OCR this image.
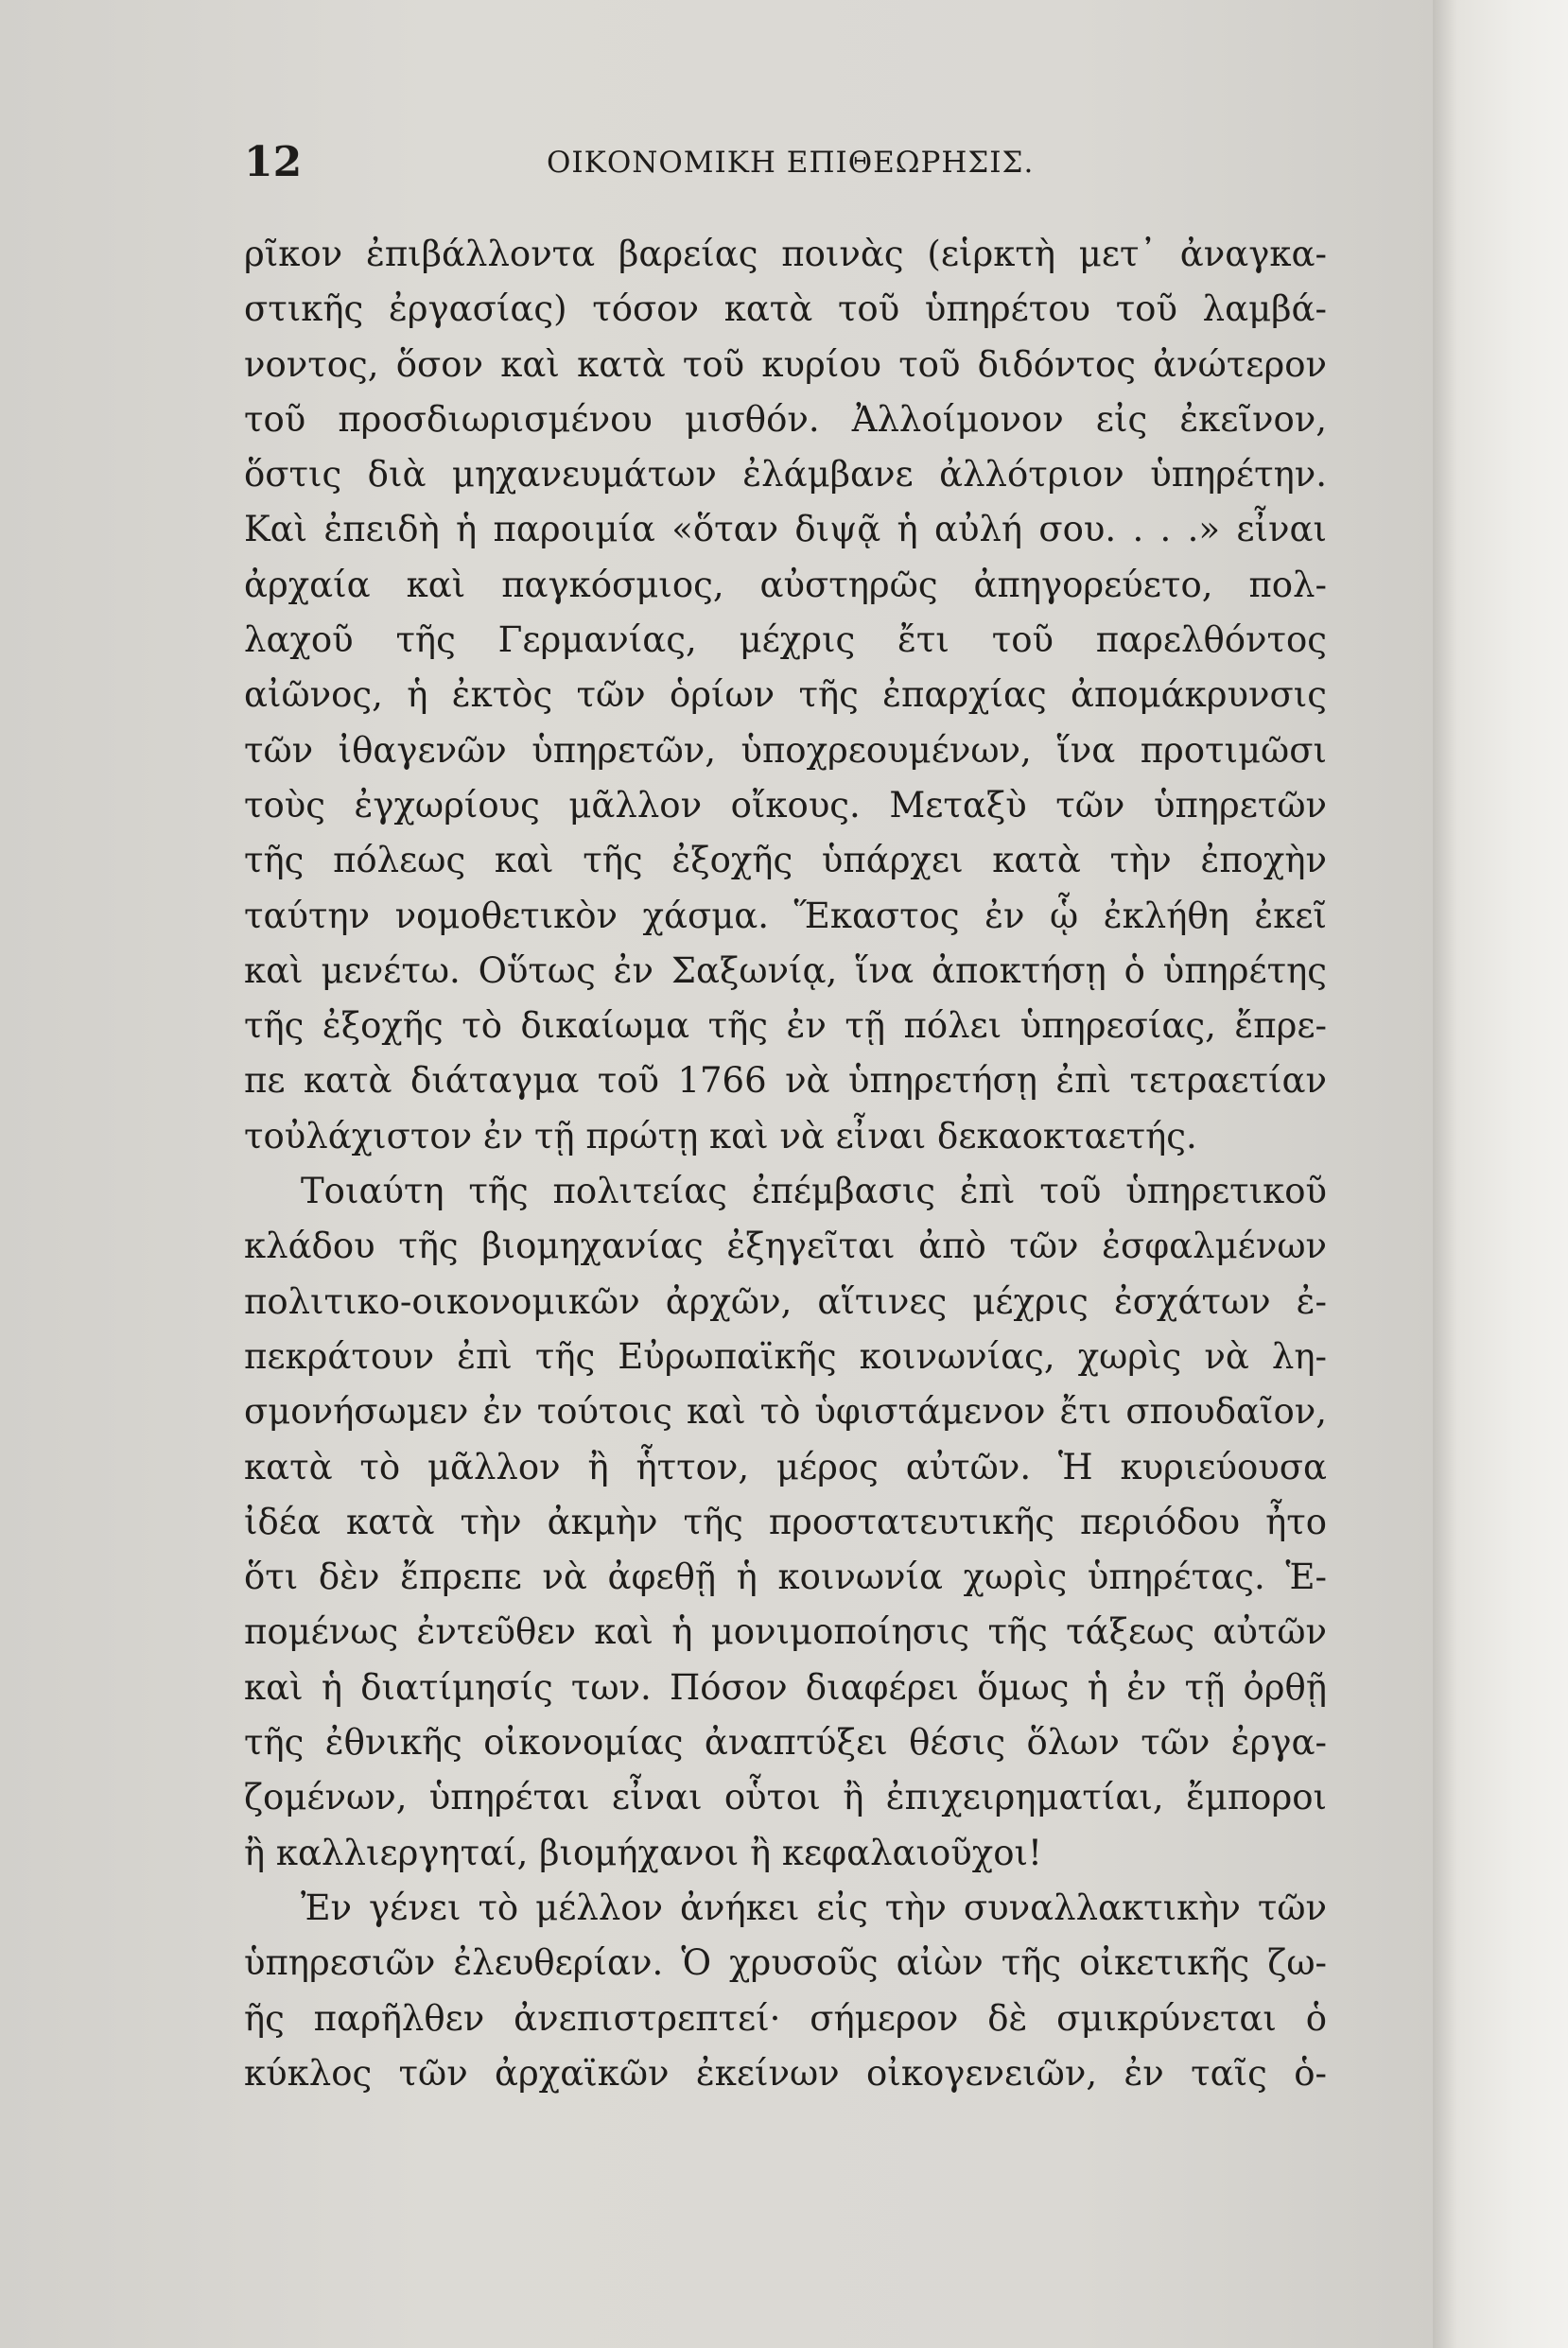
12	ΟΙΚΟΝΟΜΙΚΗ ΕΠΙΘΕΩΡΗΣΙΣ.
ρῖκον ἐπιβάλλοντα βαρείας ποινὰς (εἱρκτὴ μετ᾽ ἀναγκα-
στικῆς ἐργασίας) τόσον κατὰ τοῦ ὑπηρέτου τοῦ λαμβά-
νοντος, ὅσον καὶ κατὰ τοῦ κυρίου τοῦ διδόντος ἀνώτερον
τοῦ προσδιωρισμένου μισθόν. Ἀλλοίμονον εἰς ἐκεῖνον,
ὅστις διὰ μηχανευμάτων ἐλάμβανε ἀλλότριον ὑπηρέτην.
Καὶ ἐπειδὴ ἡ παροιμία «ὅταν διψᾷ ἡ αὐλή σου. . . .» εἶναι
ἀρχαία καὶ παγκόσμιος, αὐστηρῶς ἀπηγορεύετο, πολ-
λαχοῦ τῆς Γερμανίας, μέχρις ἔτι τοῦ παρελθόντος
αἰῶνος, ἡ ἐκτὸς τῶν ὁρίων τῆς ἐπαρχίας ἀπομάκρυνσις
τῶν ἰθαγενῶν ὑπηρετῶν, ὑποχρεουμένων, ἵνα προτιμῶσι
τοὺς ἐγχωρίους μᾶλλον οἴκους. Μεταξὺ τῶν ὑπηρετῶν
τῆς πόλεως καὶ τῆς ἐξοχῆς ὑπάρχει κατὰ τὴν ἐποχὴν
ταύτην νομοθετικὸν χάσμα. Ἕκαστος ἐν ᾧ ἐκλήθη ἐκεῖ
καὶ μενέτω. Οὕτως ἐν Σαξωνίᾳ, ἵνα ἀποκτήσῃ ὁ ὑπηρέτης
τῆς ἐξοχῆς τὸ δικαίωμα τῆς ἐν τῇ πόλει ὑπηρεσίας, ἔπρε-
πε κατὰ διάταγμα τοῦ 1766 νὰ ὑπηρετήσῃ ἐπὶ τετραετίαν
τοὐλάχιστον ἐν τῇ πρώτῃ καὶ νὰ εἶναι δεκαοκταετής.
Τοιαύτη τῆς πολιτείας ἐπέμβασις ἐπὶ τοῦ ὑπηρετικοῦ
κλάδου τῆς βιομηχανίας ἐξηγεῖται ἀπὸ τῶν ἐσφαλμένων
πολιτικο-οικονομικῶν ἀρχῶν, αἵτινες μέχρις ἐσχάτων ἐ-
πεκράτουν ἐπὶ τῆς Εὐρωπαϊκῆς κοινωνίας, χωρὶς νὰ λη-
σμονήσωμεν ἐν τούτοις καὶ τὸ ὑφιστάμενον ἔτι σπουδαῖον,
κατὰ τὸ μᾶλλον ἢ ἧττον, μέρος αὐτῶν. Ἡ κυριεύουσα
ἰδέα κατὰ τὴν ἀκμὴν τῆς προστατευτικῆς περιόδου ἦτο
ὅτι δὲν ἔπρεπε νὰ ἀφεθῇ ἡ κοινωνία χωρὶς ὑπηρέτας. Ἑ-
πομένως ἐντεῦθεν καὶ ἡ μονιμοποίησις τῆς τάξεως αὐτῶν
καὶ ἡ διατίμησίς των. Πόσον διαφέρει ὅμως ἡ ἐν τῇ ὀρθῇ
τῆς ἐθνικῆς οἰκονομίας ἀναπτύξει θέσις ὅλων τῶν ἐργα-
ζομένων, ὑπηρέται εἶναι οὗτοι ἢ ἐπιχειρηματίαι, ἔμποροι
ἢ καλλιεργηταί, βιομήχανοι ἢ κεφαλαιοῦχοι!
Ἐν γένει τὸ μέλλον ἀνήκει εἰς τὴν συναλλακτικὴν τῶν
ὑπηρεσιῶν ἐλευθερίαν. Ὁ χρυσοῦς αἰὼν τῆς οἰκετικῆς ζω-
ῆς παρῆλθεν ἀνεπιστρεπτεί· σήμερον δὲ σμικρύνεται ὁ
κύκλος τῶν ἀρχαϊκῶν ἐκείνων οἰκογενειῶν, ἐν ταῖς ὁ-
